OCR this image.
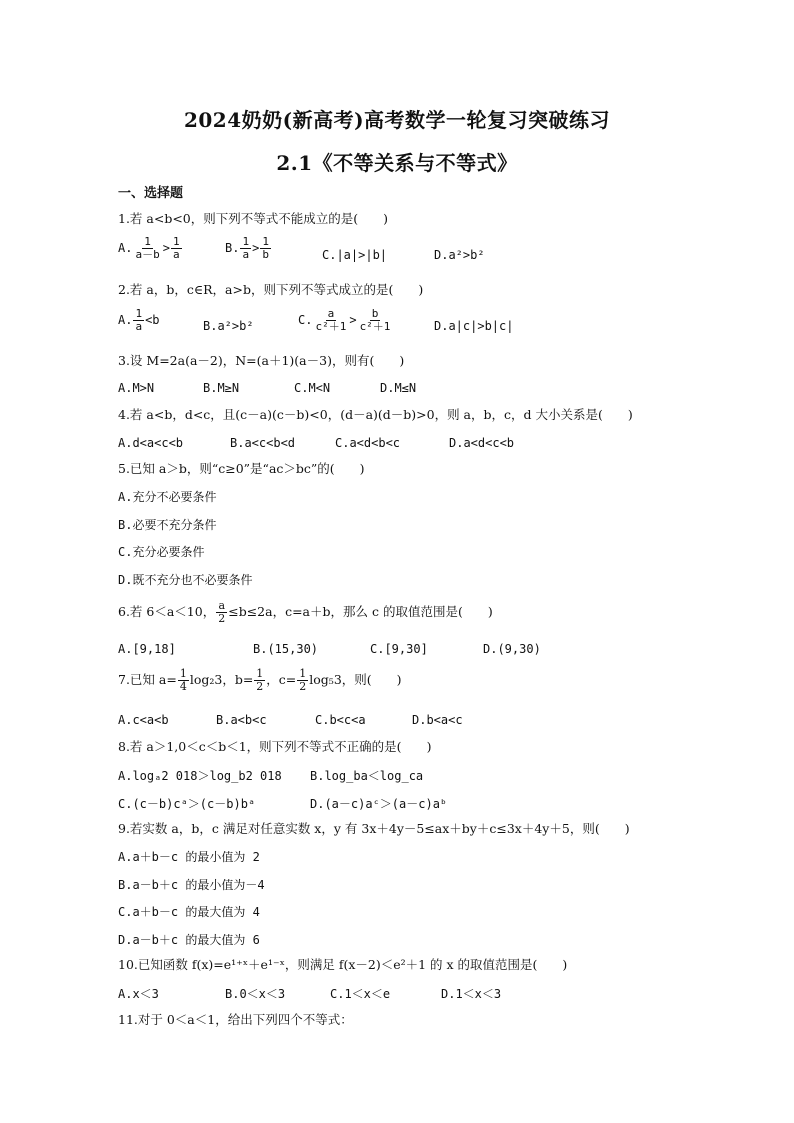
2024奶奶(新高考)高考数学一轮复习突破练习
2.1《不等关系与不等式》
一、选择题
1.若 a<b<0，则下列不等式不能成立的是(　　)
A. $\frac{1}{a-b} > \frac{1}{a}$	B. $\frac{1}{a} > \frac{1}{b}$	C.|a|>|b|	D.a²>b²
2.若 a，b，c∈R，a>b，则下列不等式成立的是(　　)
A. $\frac{1}{a} <b$	B.a²>b²	C. $\frac{a}{\text{c²＋1}} > \frac{b}{\text{c²＋1}}$	D.a|c|>b|c|
3.设 M=2a(a－2)，N=(a＋1)(a－3)，则有(　　)
A.M>N	B.M≥N	C.M<N	D.M≤N
4.若 a<b，d<c，且(c－a)(c－b)<0，(d－a)(d－b)>0，则 a，b，c，d 大小关系是(　　)
A.d<a<c<b	B.a<c<b<d	C.a<d<b<c	D.a<d<c<b
5.已知 a＞b，则“c≥0”是“ac＞bc”的(　　)
A.充分不必要条件
B.必要不充分条件
C.充分必要条件
D.既不充分也不必要条件
6.若 6＜a＜10， $\frac{a}{2} \le b\le 2a$，c=a＋b，那么 c 的取值范围是(　　)
A.[9,18]	B.(15,30)	C.[9,30]	D.(9,30)
7.已知 $a= \frac{1}{4} \log_23$，$b= \frac{1}{2}$ ，$c= \frac{1}{2} \log_53$，则(　　)
A.c<a<b	B.a<b<c	C.b<c<a	D.b<a<c
8.若 a＞1,0＜c＜b＜1，则下列不等式不正确的是(　　)
A.logₐ2 018＞log_b2 018 B.log_ba＜log_ca
C.(c－b)cᵃ＞(c－b)bᵃ	D.(a－c)aᶜ＞(a－c)aᵇ
9.若实数 a，b，c 满足对任意实数 x，y 有 3x＋4y－5≤ax＋by＋c≤3x＋4y＋5，则(　　)
A.a＋b－c 的最小值为 2
B.a－b＋c 的最小值为－4
C.a＋b－c 的最大值为 4
D.a－b＋c 的最大值为 6
10.已知函数 f(x)=e¹⁺ˣ＋e¹⁻ˣ，则满足 f(x－2)＜e²＋1 的 x 的取值范围是(　　)
A.x＜3	B.0＜x＜3	C.1＜x＜e	D.1＜x＜3
11.对于 0＜a＜1，给出下列四个不等式：
